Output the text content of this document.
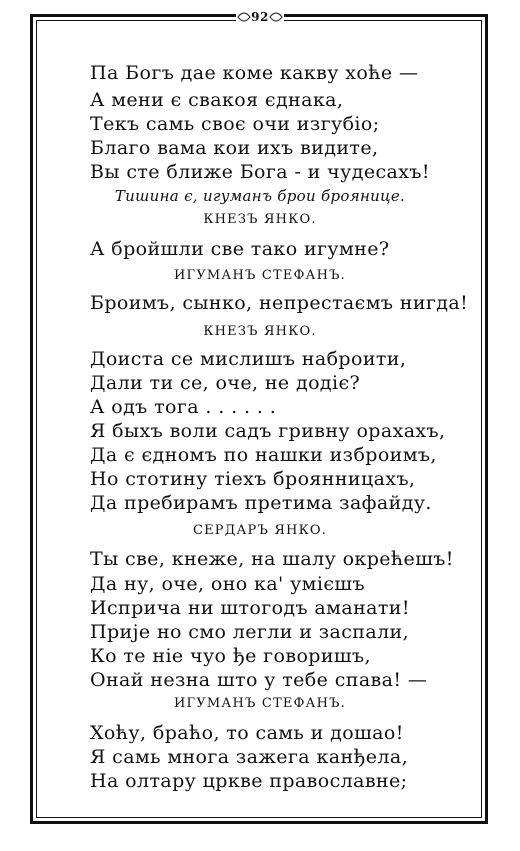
92
Па Богъ дае коме какву хоће —
А мени є свакоя єднака,
Текъ самь своє очи изгубіо;
Благо вама кои ихъ видите,
Вы сте ближе Бога - и чудесахъ!
Тишина є, игуманъ брои броянице.
КНЕЗЪ ЯНКО.
А бройшли све тако игумне?
ИГУМАНЪ СТЕФАНЪ.
Броимъ, сынко, непрестаємъ нигда!
КНЕЗЪ ЯНКО.
Доиста се мислишъ наброити,
Дали ти се, оче, не додіє?
А одъ тога . . . . . .
Я быхъ воли садъ гривну орахахъ,
Да є єдномъ по нашки изброимъ,
Но стотину тіехъ броянницахъ,
Да пребирамъ претима зафайду.
СЕРДАРЪ ЯНКО.
Ты све, кнеже, на шалу окрећешъ!
Да ну, оче, оно ка' умієшъ
Испричa ни штогодъ аманати!
Прије но смо легли и заспали,
Ко те ніе чуо ђе говоришъ,
Онай незна што у тебе спава! —
ИГУМАНЪ СТЕФАНЪ.
Хоћу, браћо, то самь и дошао!
Я самь многа зажега канђела,
На олтару цркве православне;
